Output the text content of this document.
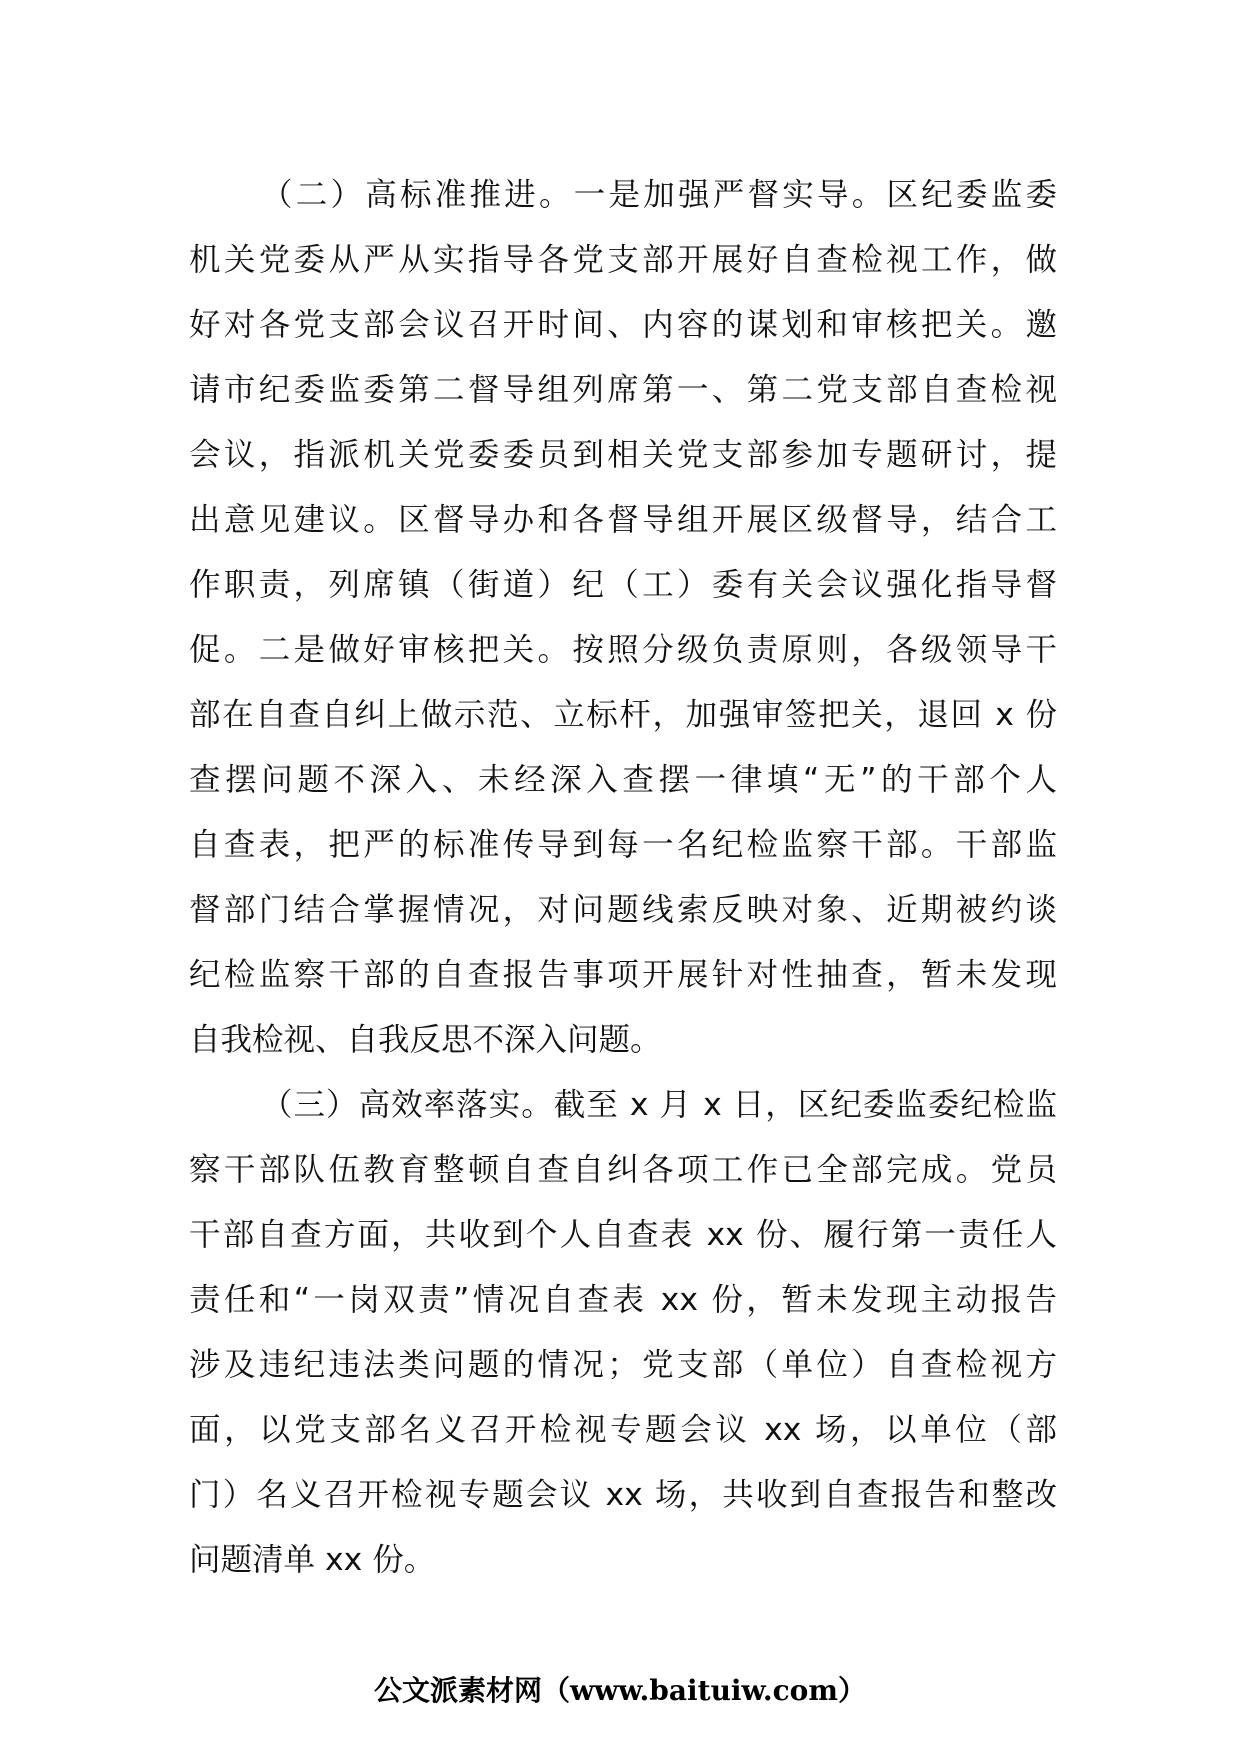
（二）高标准推进。一是加强严督实导。区纪委监委
机关党委从严从实指导各党支部开展好自查检视工作，做
好对各党支部会议召开时间、内容的谋划和审核把关。邀
请市纪委监委第二督导组列席第一、第二党支部自查检视
会议，指派机关党委委员到相关党支部参加专题研讨，提
出意见建议。区督导办和各督导组开展区级督导，结合工
作职责，列席镇（街道）纪（工）委有关会议强化指导督
促。二是做好审核把关。按照分级负责原则，各级领导干
部在自查自纠上做示范、立标杆，加强审签把关，退回 x 份
查摆问题不深入、未经深入查摆一律填“无”的干部个人
自查表，把严的标准传导到每一名纪检监察干部。干部监
督部门结合掌握情况，对问题线索反映对象、近期被约谈
纪检监察干部的自查报告事项开展针对性抽查，暂未发现
自我检视、自我反思不深入问题。
（三）高效率落实。截至 x 月 x 日，区纪委监委纪检监
察干部队伍教育整顿自查自纠各项工作已全部完成。党员
干部自查方面，共收到个人自查表 xx 份、履行第一责任人
责任和“一岗双责”情况自查表 xx 份，暂未发现主动报告
涉及违纪违法类问题的情况；党支部（单位）自查检视方
面，以党支部名义召开检视专题会议 xx 场，以单位（部
门）名义召开检视专题会议 xx 场，共收到自查报告和整改
问题清单 xx 份。
公文派素材网（www.baituiw.com）
